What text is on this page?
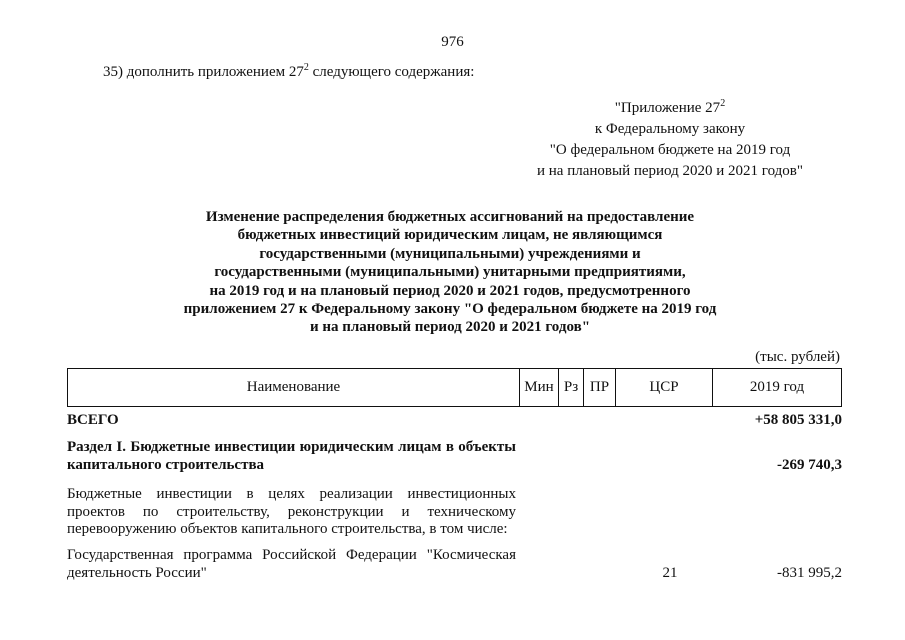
976
35) дополнить приложением $27^2$ следующего содержания:
"Приложение $27^2$
к Федеральному закону
"О федеральном бюджете на 2019 год
и на плановый период 2020 и 2021 годов"
Изменение распределения бюджетных ассигнований на предоставление
бюджетных инвестиций юридическим лицам, не являющимся
государственными (муниципальными) учреждениями и
государственными (муниципальными) унитарными предприятиями,
на 2019 год и на плановый период 2020 и 2021 годов, предусмотренного
приложением 27 к Федеральному закону "О федеральном бюджете на 2019 год
и на плановый период 2020 и 2021 годов"
(тыс. рублей)
Наименование	Мин	Рз	ПР	ЦСР	2019 год
ВСЕГО	+58 805 331,0
Раздел I. Бюджетные инвестиции юридическим лицам в объекты капитального строительства	-269 740,3
Бюджетные инвестиции в целях реализации инвестиционных проектов по строительству, реконструкции и техническому перевооружению объектов капитального строительства, в том числе:
Государственная программа Российской Федерации "Космическая деятельность России"	21	-831 995,2
